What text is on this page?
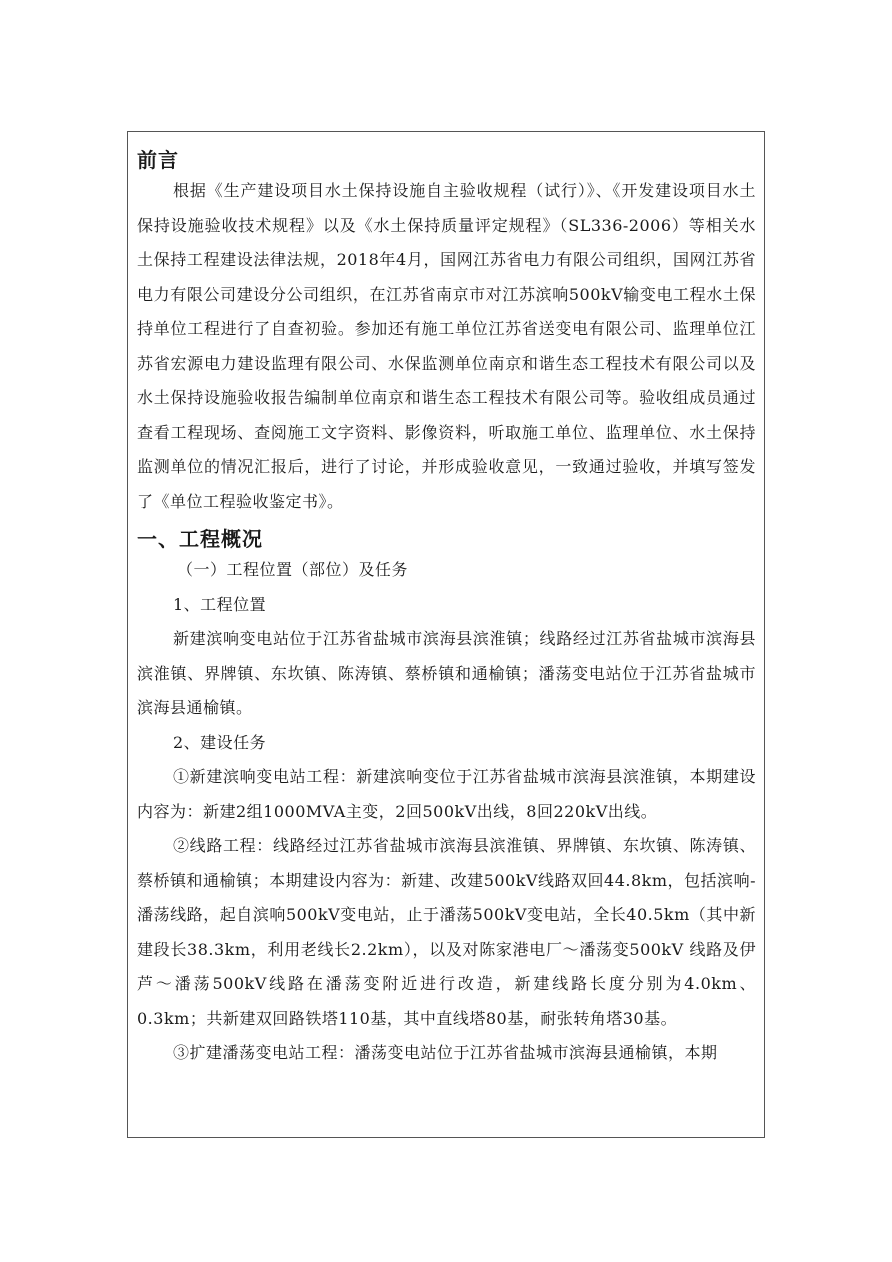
前言

根据《生产建设项目水土保持设施自主验收规程（试行）》、《开发建设项目水土保持设施验收技术规程》以及《水土保持质量评定规程》（SL336-2006）等相关水土保持工程建设法律法规，2018年4月，国网江苏省电力有限公司组织，国网江苏省电力有限公司建设分公司组织，在江苏省南京市对江苏滨响500kV输变电工程水土保持单位工程进行了自查初验。参加还有施工单位江苏省送变电有限公司、监理单位江苏省宏源电力建设监理有限公司、水保监测单位南京和谐生态工程技术有限公司以及水土保持设施验收报告编制单位南京和谐生态工程技术有限公司等。验收组成员通过查看工程现场、查阅施工文字资料、影像资料，听取施工单位、监理单位、水土保持监测单位的情况汇报后，进行了讨论，并形成验收意见，一致通过验收，并填写签发了《单位工程验收鉴定书》。

一、工程概况

（一）工程位置（部位）及任务

1、工程位置

新建滨响变电站位于江苏省盐城市滨海县滨淮镇；线路经过江苏省盐城市滨海县滨淮镇、界牌镇、东坎镇、陈涛镇、蔡桥镇和通榆镇；潘荡变电站位于江苏省盐城市滨海县通榆镇。

2、建设任务

①新建滨响变电站工程：新建滨响变位于江苏省盐城市滨海县滨淮镇，本期建设内容为：新建2组1000MVA主变，2回500kV出线，8回220kV出线。

②线路工程：线路经过江苏省盐城市滨海县滨淮镇、界牌镇、东坎镇、陈涛镇、蔡桥镇和通榆镇；本期建设内容为：新建、改建500kV线路双回44.8km，包括滨响-潘荡线路，起自滨响500kV变电站，止于潘荡500kV变电站，全长40.5km（其中新建段长38.3km，利用老线长2.2km），以及对陈家港电厂～潘荡变500kV 线路及伊芦～潘荡500kV线路在潘荡变附近进行改造，新建线路长度分别为4.0km、0.3km；共新建双回路铁塔110基，其中直线塔80基，耐张转角塔30基。

③扩建潘荡变电站工程：潘荡变电站位于江苏省盐城市滨海县通榆镇，本期
